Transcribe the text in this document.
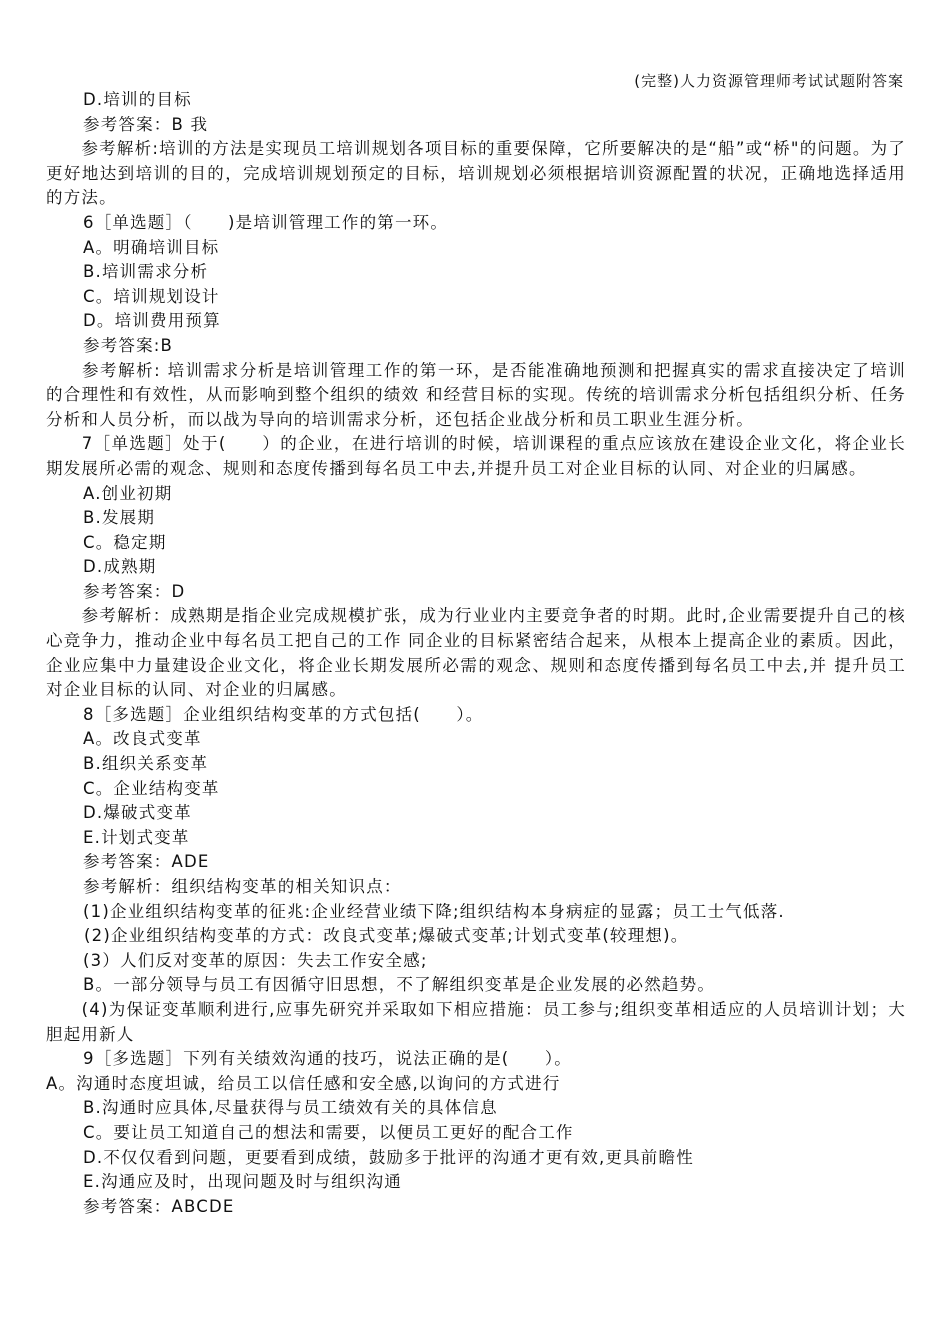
(完整)人力资源管理师考试试题附答案

D.培训的目标

参考答案：B 我

　　参考解析:培训的方法是实现员工培训规划各项目标的重要保障，它所要解决的是“船”或“桥"的问题。为了更好地达到培训的目的，完成培训规划预定的目标，培训规划必须根据培训资源配置的状况，正确地选择适用的方法。

6［单选题］（　　)是培训管理工作的第一环。

A。明确培训目标

B.培训需求分析

C。培训规划设计

D。培训费用预算

参考答案:B

　　参考解析: 培训需求分析是培训管理工作的第一环，是否能准确地预测和把握真实的需求直接决定了培训的合理性和有效性，从而影响到整个组织的绩效 和经营目标的实现。传统的培训需求分析包括组织分析、任务分析和人员分析，而以战为导向的培训需求分析，还包括企业战分析和员工职业生涯分析。

　　7［单选题］处于(　　）的企业，在进行培训的时候，培训课程的重点应该放在建设企业文化，将企业长期发展所必需的观念、规则和态度传播到每名员工中去,并提升员工对企业目标的认同、对企业的归属感。

A.创业初期

B.发展期

C。稳定期

D.成熟期

参考答案：D

　　参考解析：成熟期是指企业完成规模扩张，成为行业业内主要竞争者的时期。此时,企业需要提升自己的核心竞争力，推动企业中每名员工把自己的工作 同企业的目标紧密结合起来，从根本上提高企业的素质。因此，企业应集中力量建设企业文化，将企业长期发展所必需的观念、规则和态度传播到每名员工中去,并 提升员工对企业目标的认同、对企业的归属感。

8［多选题］企业组织结构变革的方式包括(　　）。

A。改良式变革

B.组织关系变革

C。企业结构变革

D.爆破式变革

E.计划式变革

参考答案：ADE

参考解析：组织结构变革的相关知识点：

(1)企业组织结构变革的征兆:企业经营业绩下降;组织结构本身病症的显露；员工士气低落.

(2)企业组织结构变革的方式：改良式变革;爆破式变革;计划式变革(较理想)。

(3）人们反对变革的原因：失去工作安全感;

B。一部分领导与员工有因循守旧思想，不了解组织变革是企业发展的必然趋势。

　　(4)为保证变革顺利进行,应事先研究并采取如下相应措施：员工参与;组织变革相适应的人员培训计划；大胆起用新人

9［多选题］下列有关绩效沟通的技巧，说法正确的是(　　）。

A。沟通时态度坦诚，给员工以信任感和安全感,以询问的方式进行

B.沟通时应具体,尽量获得与员工绩效有关的具体信息

C。要让员工知道自己的想法和需要，以便员工更好的配合工作

D.不仅仅看到问题，更要看到成绩，鼓励多于批评的沟通才更有效,更具前瞻性

E.沟通应及时，出现问题及时与组织沟通

参考答案：ABCDE
